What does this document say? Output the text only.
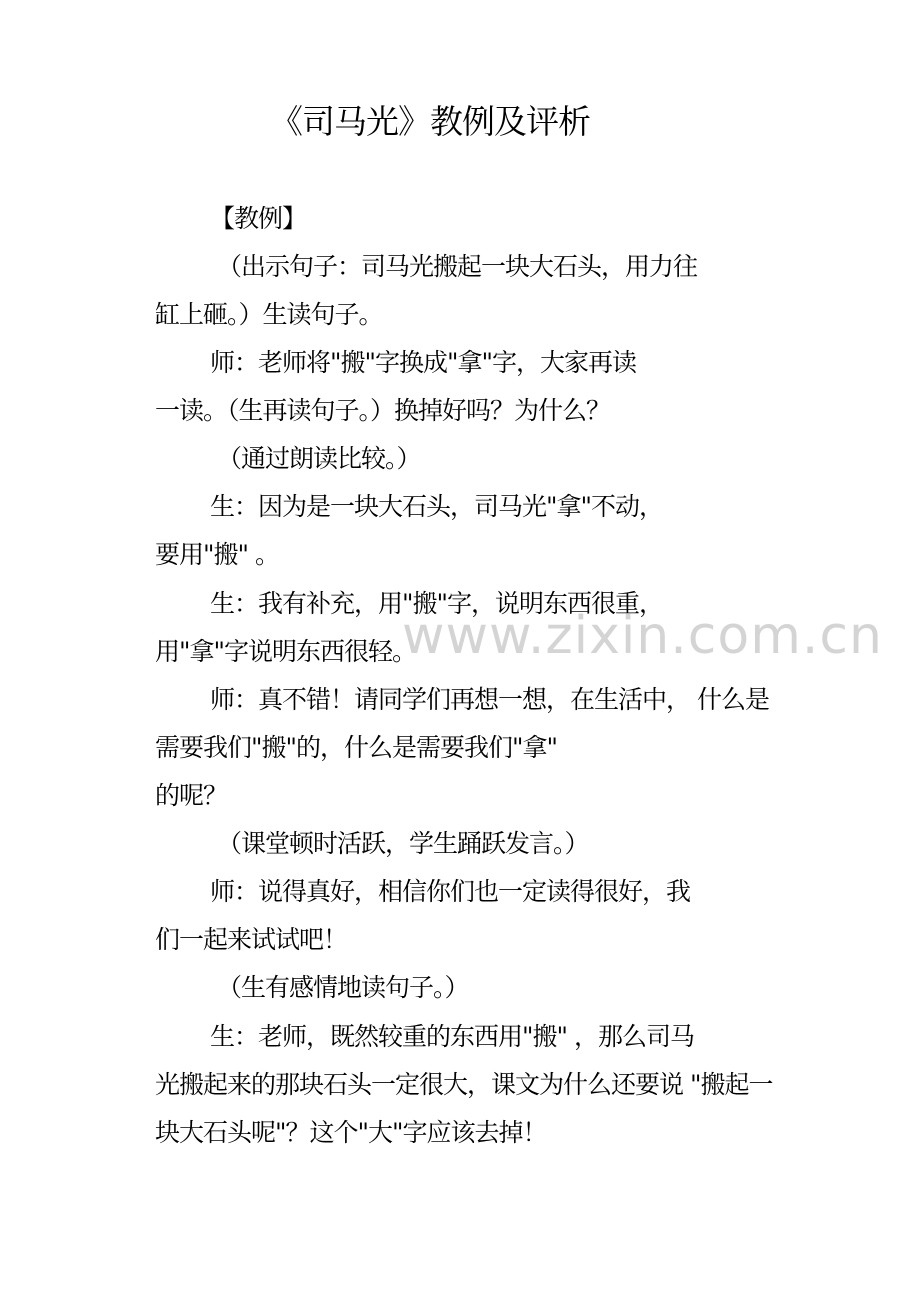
《司马光》教例及评析
【教例】
（出示句子：司马光搬起一块大石头，用力往
缸上砸。）生读句子。
师：老师将"搬"字换成"拿"字，大家再读
一读。（生再读句子。）换掉好吗？为什么？
（通过朗读比较。）
生：因为是一块大石头，司马光"拿"不动，
要用"搬" 。
生：我有补充，用"搬"字，说明东西很重，
用"拿"字说明东西很轻。
师：真不错！请同学们再想一想，在生活中， 什么是
需要我们"搬"的，什么是需要我们"拿"
的呢？
（课堂顿时活跃，学生踊跃发言。）
师：说得真好，相信你们也一定读得很好，我
们一起来试试吧！
（生有感情地读句子。）
生：老师，既然较重的东西用"搬" ，那么司马
光搬起来的那块石头一定很大，课文为什么还要说 "搬起一
块大石头呢"？这个"大"字应该去掉！
www.zixin.com.cn
